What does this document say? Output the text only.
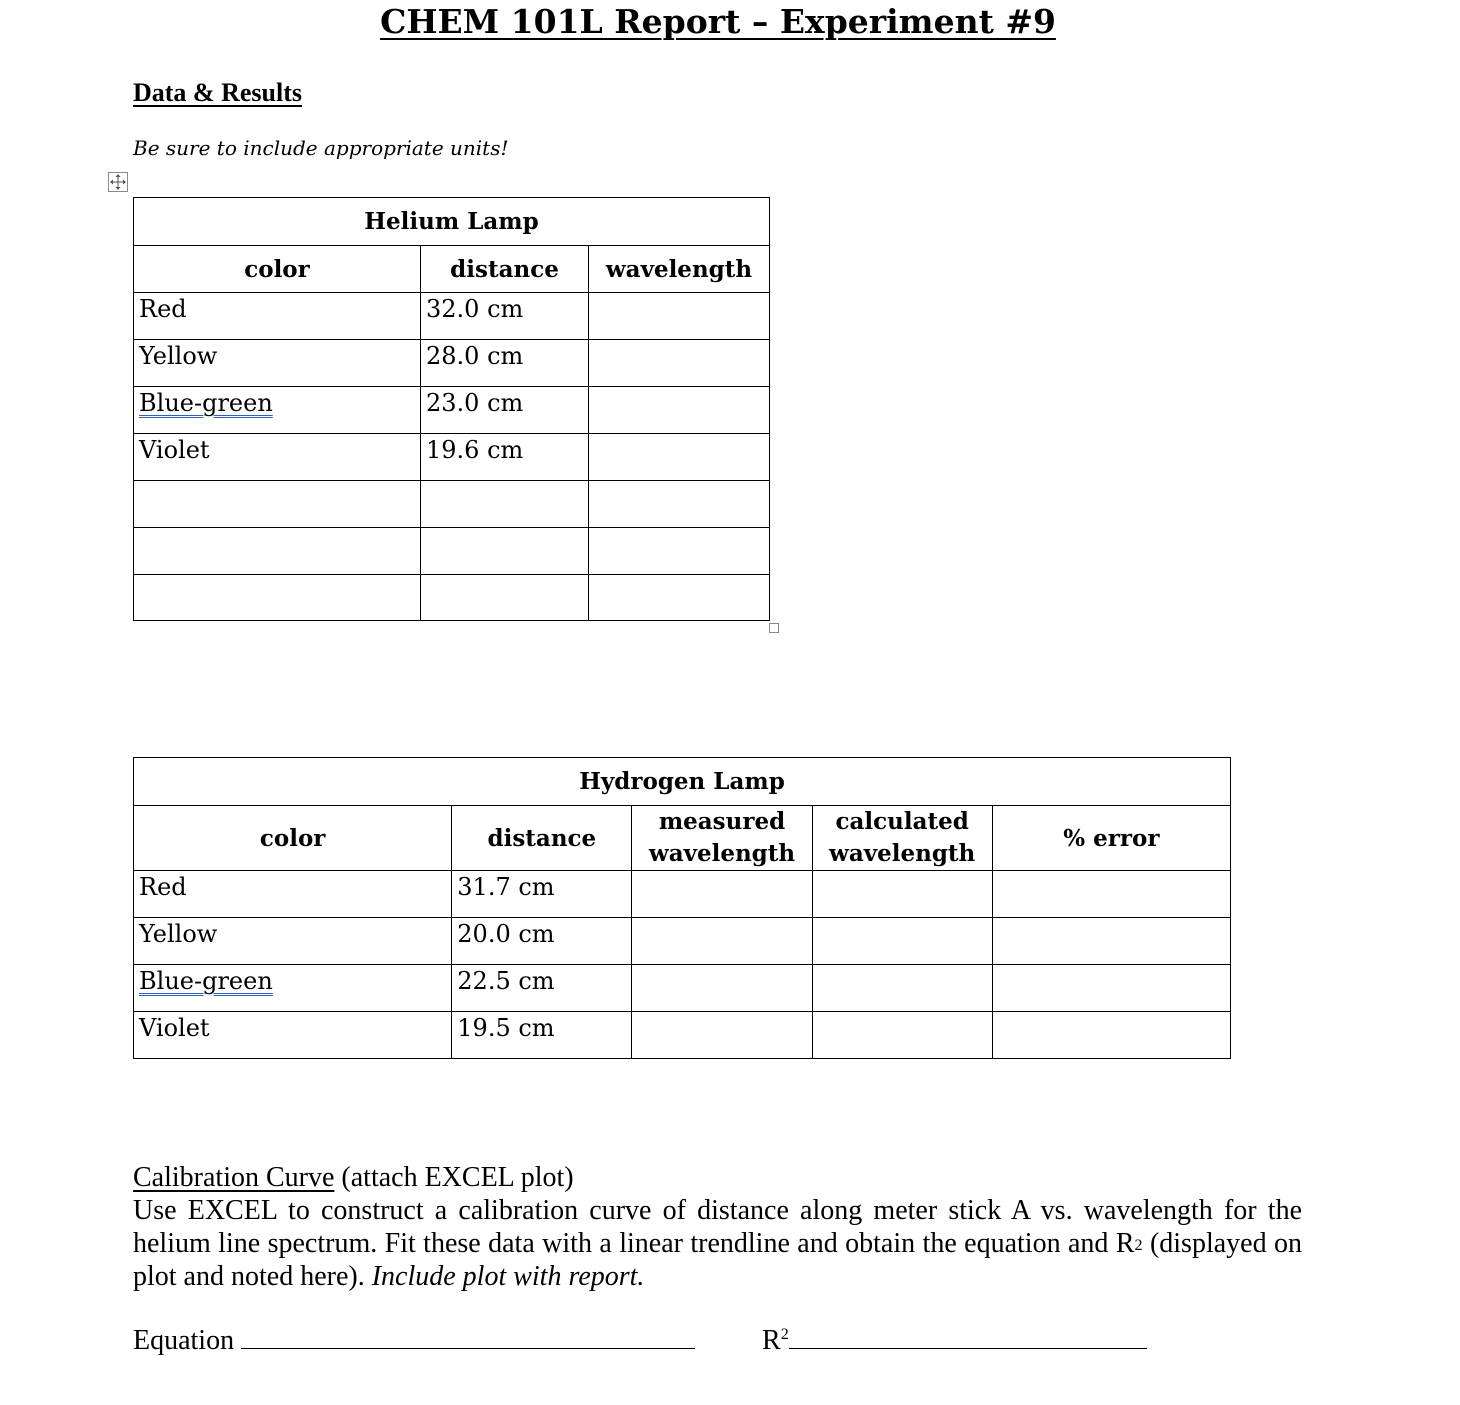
CHEM 101L Report – Experiment #9
Data & Results

Be sure to include appropriate units!

Helium Lamp		
color	distance	wavelength
Red	32.0 cm	
Yellow	28.0 cm	
Blue-green	23.0 cm	
Violet	19.6 cm	

Hydrogen Lamp				
color	distance	measured wavelength	calculated wavelength	% error
Red	31.7 cm			
Yellow	20.0 cm			
Blue-green	22.5 cm			
Violet	19.5 cm			

Calibration Curve (attach EXCEL plot)

Use EXCEL to construct a calibration curve of distance along meter stick A vs. wavelength for the helium line spectrum. Fit these data with a linear trendline and obtain the equation and $R^2$ (displayed on plot and noted here). Include plot with report.

Equation	$R^2$
